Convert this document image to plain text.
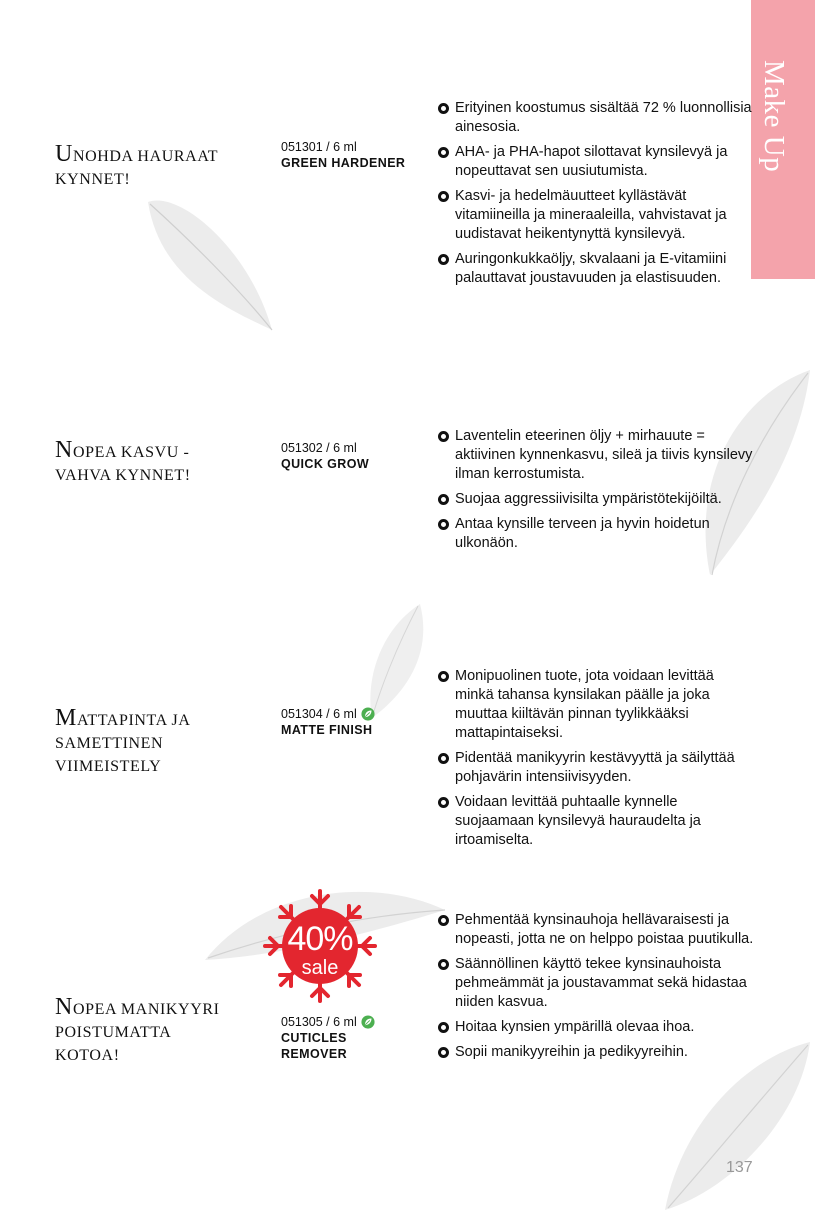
Make Up
UNOHDA HAURAAT
KYNNET!
051301 / 6 ml
GREEN HARDENER
Erityinen koostumus sisältää 72 % luonnollisia ainesosia.
AHA- ja PHA-hapot silottavat kynsilevyä ja nopeuttavat sen uusiutumista.
Kasvi- ja hedelmäuutteet kyllästävät vitamiineilla ja mineraaleilla, vahvistavat ja uudistavat heikentynyttä kynsilevyä.
Auringonkukkaöljy, skvalaani ja E-vitamiini palauttavat joustavuuden ja elastisuuden.
NOPEA KASVU -
VAHVA KYNNET!
051302 / 6 ml
QUICK GROW
Laventelin eteerinen öljy + mirhauute = aktiivinen kynnenkasvu, sileä ja tiivis kynsilevy ilman kerrostumista.
Suojaa aggressiivisilta ympäristötekijöiltä.
Antaa kynsille terveen ja hyvin hoidetun ulkonäön.
MATTAPINTA JA
SAMETTINEN
VIIMEISTELY
051304 / 6 ml
MATTE FINISH
Monipuolinen tuote, jota voidaan levittää minkä tahansa kynsilakan päälle ja joka muuttaa kiiltävän pinnan tyylikkääksi mattapintaiseksi.
Pidentää manikyyrin kestävyyttä ja säilyttää pohjavärin intensiivisyyden.
Voidaan levittää puhtaalle kynnelle suojaamaan kynsilevyä hauraudelta ja irtoamiselta.
40%
sale
NOPEA MANIKYYRI
POISTUMATTA
KOTOA!
051305 / 6 ml
CUTICLES
REMOVER
Pehmentää kynsinauhoja hellävaraisesti ja nopeasti, jotta ne on helppo poistaa puutikulla.
Säännöllinen käyttö tekee kynsinauhoista pehmeämmät ja joustavammat sekä hidastaa niiden kasvua.
Hoitaa kynsien ympärillä olevaa ihoa.
Sopii manikyyreihin ja pedikyyreihin.
137
